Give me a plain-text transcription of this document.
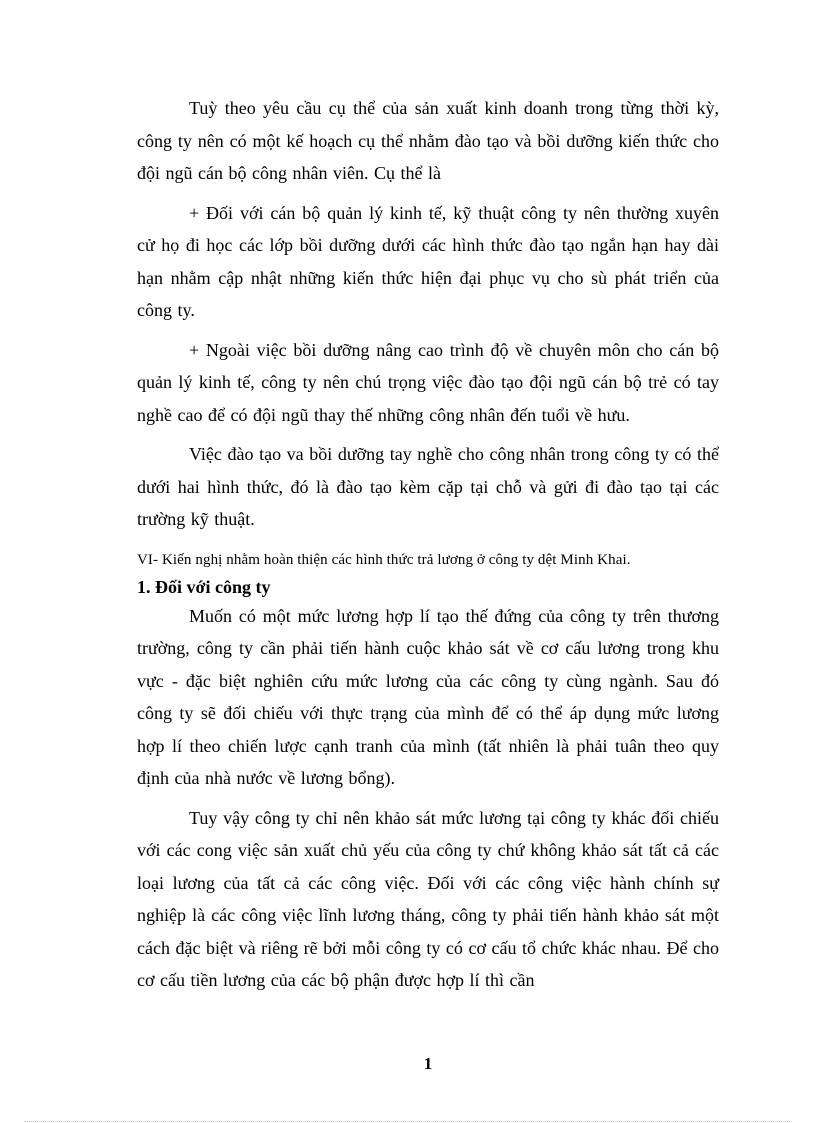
Tuỳ theo yêu cầu cụ thể của sản xuất kinh doanh trong từng thời kỳ, công ty nên có một kế hoạch cụ thể nhằm đào tạo và bồi dưỡng kiến thức cho đội ngũ cán bộ công nhân viên. Cụ thể là

+ Đối với cán bộ quản lý kinh tế, kỹ thuật công ty nên thường xuyên cử họ đi học các lớp bồi dưỡng dưới các hình thức đào tạo ngắn hạn hay dài hạn nhằm cập nhật những kiến thức hiện đại phục vụ cho sù phát triển của công ty.

+ Ngoài việc bồi dưỡng nâng cao trình độ về chuyên môn cho cán bộ quản lý kinh tế, công ty nên chú trọng việc đào tạo đội ngũ cán bộ trẻ có tay nghề cao để có đội ngũ thay thế những công nhân đến tuổi về hưu.

Việc đào tạo va bồi dưỡng tay nghề cho công nhân trong công ty có thể dưới hai hình thức, đó là đào tạo kèm cặp tại chỗ và gửi đi đào tạo tại các trường kỹ thuật.

VI- Kiến nghị nhằm hoàn thiện các hình thức trả lương ở công ty dệt Minh Khai.
1. Đối với công ty

Muốn có một mức lương hợp lí tạo thế đứng của công ty trên thương trường, công ty cần phải tiến hành cuộc khảo sát về cơ cấu lương trong khu vực - đặc biệt nghiên cứu mức lương của các công ty cùng ngành. Sau đó công ty sẽ đối chiếu với thực trạng của mình để có thể áp dụng mức lương hợp lí theo chiến lược cạnh tranh của mình (tất nhiên là phải tuân theo quy định của nhà nước về lương bổng).

Tuy vậy công ty chỉ nên khảo sát mức lương tại công ty khác đối chiếu với các cong việc sản xuất chủ yếu của công ty chứ không khảo sát tất cả các loại lương của tất cả các công việc. Đối với các công việc hành chính sự nghiệp là các công việc lĩnh lương tháng, công ty phải tiến hành khảo sát một cách đặc biệt và riêng rẽ bởi mỗi công ty có cơ cấu tổ chức khác nhau. Để cho cơ cấu tiền lương của các bộ phận được hợp lí thì cần

1
